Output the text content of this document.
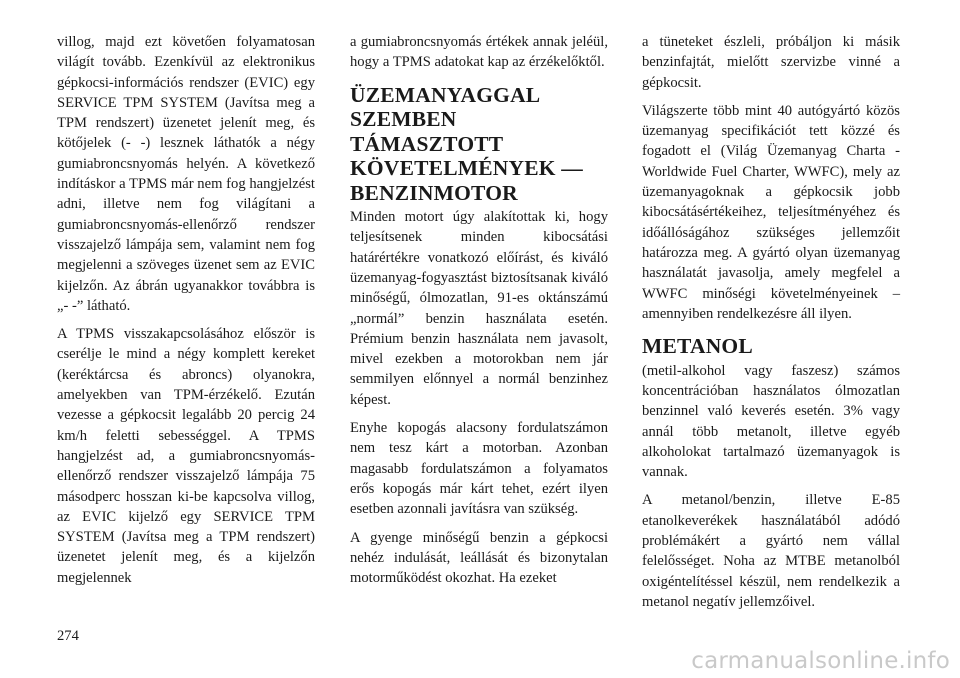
villog, majd ezt követően folyamatosan világít tovább. Ezenkívül az elektronikus gépkocsi-információs rendszer (EVIC) egy SERVICE TPM SYSTEM (Javítsa meg a TPM rendszert) üzenetet jelenít meg, és kötőjelek (- -) lesznek láthatók a négy gumiabroncsnyomás helyén. A következő indításkor a TPMS már nem fog hangjelzést adni, illetve nem fog világítani a gumiabroncsnyomás-ellenőrző rendszer visszajelző lámpája sem, valamint nem fog megjelenni a szöveges üzenet sem az EVIC kijelzőn. Az ábrán ugyanakkor továbbra is „- -” látható.

A TPMS visszakapcsolásához először is cserélje le mind a négy komplett kereket (keréktárcsa és abroncs) olyanokra, amelyekben van TPM-érzékelő. Ezután vezesse a gépkocsit legalább 20 percig 24 km/h feletti sebességgel. A TPMS hangjelzést ad, a gumiabroncsnyomás-ellenőrző rendszer visszajelző lámpája 75 másodperc hosszan ki-be kapcsolva villog, az EVIC kijelző egy SERVICE TPM SYSTEM (Javítsa meg a TPM rendszert) üzenetet jelenít meg, és a kijelzőn megjelennek

a gumiabroncsnyomás értékek annak jeléül, hogy a TPMS adatokat kap az érzékelőktől.

ÜZEMANYAGGAL SZEMBEN TÁMASZTOTT KÖVETELMÉNYEK — BENZINMOTOR

Minden motort úgy alakítottak ki, hogy teljesítsenek minden kibocsátási határértékre vonatkozó előírást, és kiváló üzemanyag-fogyasztást biztosítsanak kiváló minőségű, ólmozatlan, 91-es oktánszámú „normál” benzin használata esetén. Prémium benzin használata nem javasolt, mivel ezekben a motorokban nem jár semmilyen előnnyel a normál benzinhez képest.

Enyhe kopogás alacsony fordulatszámon nem tesz kárt a motorban. Azonban magasabb fordulatszámon a folyamatos erős kopogás már kárt tehet, ezért ilyen esetben azonnali javításra van szükség.

A gyenge minőségű benzin a gépkocsi nehéz indulását, leállását és bizonytalan motorműködést okozhat. Ha ezeket

a tüneteket észleli, próbáljon ki másik benzinfajtát, mielőtt szervizbe vinné a gépkocsit.

Világszerte több mint 40 autógyártó közös üzemanyag specifikációt tett közzé és fogadott el (Világ Üzemanyag Charta - Worldwide Fuel Charter, WWFC), mely az üzemanyagoknak a gépkocsik jobb kibocsátásértékeihez, teljesítményéhez és időállóságához szükséges jellemzőit határozza meg. A gyártó olyan üzemanyag használatát javasolja, amely megfelel a WWFC minőségi követelményeinek – amennyiben rendelkezésre áll ilyen.

METANOL

(metil-alkohol vagy faszesz) számos koncentrációban használatos ólmozatlan benzinnel való keverés esetén. 3% vagy annál több metanolt, illetve egyéb alkoholokat tartalmazó üzemanyagok is vannak.

A metanol/benzin, illetve E-85 etanolkeverékek használatából adódó problémákért a gyártó nem vállal felelősséget. Noha az MTBE metanolból oxigéntelítéssel készül, nem rendelkezik a metanol negatív jellemzőivel.

274
carmanualsonline.info
